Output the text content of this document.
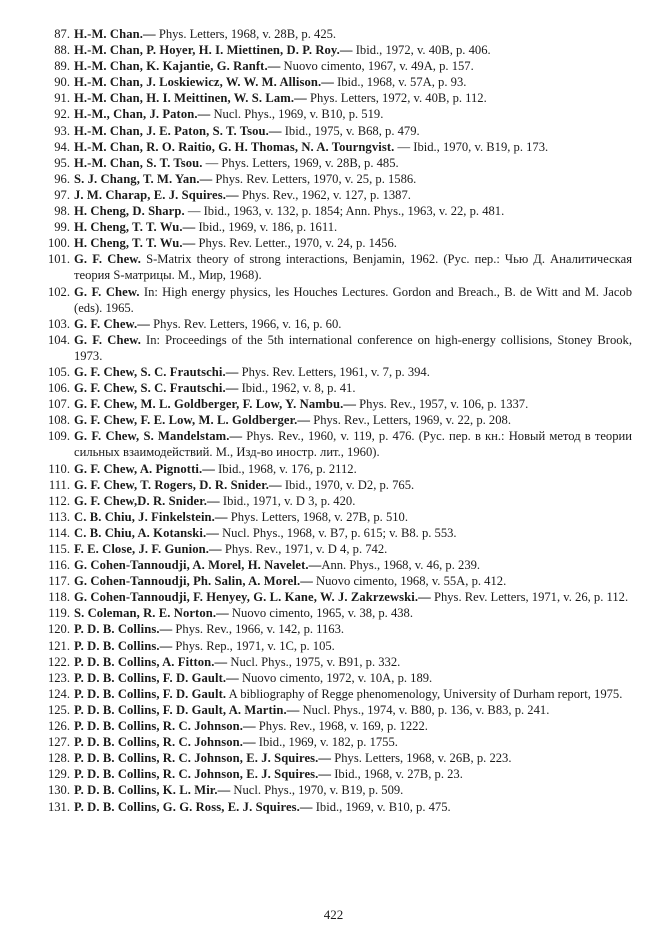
87. H.-M. Chan.— Phys. Letters, 1968, v. 28B, p. 425.
88. H.-M. Chan, P. Hoyer, H. I. Miettinen, D. P. Roy.— Ibid., 1972, v. 40B, p. 406.
89. H.-M. Chan, K. Kajantie, G. Ranft.— Nuovo cimento, 1967, v. 49A, p. 157.
90. H.-M. Chan, J. Loskiewicz, W. W. M. Allison.— Ibid., 1968, v. 57A, p. 93.
91. H.-M. Chan, H. I. Meittinen, W. S. Lam.— Phys. Letters, 1972, v. 40B, p. 112.
92. H.-M., Chan, J. Paton.— Nucl. Phys., 1969, v. B10, p. 519.
93. H.-M. Chan, J. E. Paton, S. T. Tsou.— Ibid., 1975, v. B68, p. 479.
94. H.-M. Chan, R. O. Raitio, G. H. Thomas, N. A. Tourngvist. — Ibid., 1970, v. B19, p. 173.
95. H.-M. Chan, S. T. Tsou. — Phys. Letters, 1969, v. 28B, p. 485.
96. S. J. Chang, T. M. Yan.— Phys. Rev. Letters, 1970, v. 25, p. 1586.
97. J. M. Charap, E. J. Squires.— Phys. Rev., 1962, v. 127, p. 1387.
98. H. Cheng, D. Sharp. — Ibid., 1963, v. 132, p. 1854; Ann. Phys., 1963, v. 22, p. 481.
99. H. Cheng, T. T. Wu.— Ibid., 1969, v. 186, p. 1611.
100. H. Cheng, T. T. Wu.— Phys. Rev. Letter., 1970, v. 24, p. 1456.
101. G. F. Chew. S-Matrix theory of strong interactions, Benjamin, 1962. (Рус. пер.: Чью Д. Аналитическая теория S-матрицы. М., Мир, 1968).
102. G. F. Chew. In: High energy physics, les Houches Lectures. Gordon and Breach., B. de Witt and M. Jacob (eds). 1965.
103. G. F. Chew.— Phys. Rev. Letters, 1966, v. 16, p. 60.
104. G. F. Chew. In: Proceedings of the 5th international conference on high-energy collisions, Stoney Brook, 1973.
105. G. F. Chew, S. C. Frautschi.— Phys. Rev. Letters, 1961, v. 7, p. 394.
106. G. F. Chew, S. C. Frautschi.— Ibid., 1962, v. 8, p. 41.
107. G. F. Chew, M. L. Goldberger, F. Low, Y. Nambu.— Phys. Rev., 1957, v. 106, p. 1337.
108. G. F. Chew, F. E. Low, M. L. Goldberger.— Phys. Rev., Letters, 1969, v. 22, p. 208.
109. G. F. Chew, S. Mandelstam.— Phys. Rev., 1960, v. 119, p. 476. (Рус. пер. в кн.: Новый метод в теории сильных взаимодействий. М., Изд-во иностр. лит., 1960).
110. G. F. Chew, A. Pignotti.— Ibid., 1968, v. 176, p. 2112.
111. G. F. Chew, T. Rogers, D. R. Snider.— Ibid., 1970, v. D2, p. 765.
112. G. F. Chew,D. R. Snider.— Ibid., 1971, v. D 3, p. 420.
113. C. B. Chiu, J. Finkelstein.— Phys. Letters, 1968, v. 27B, p. 510.
114. C. B. Chiu, A. Kotanski.— Nucl. Phys., 1968, v. B7, p. 615; v. B8. p. 553.
115. F. E. Close, J. F. Gunion.— Phys. Rev., 1971, v. D 4, p. 742.
116. G. Cohen-Tannoudji, A. Morel, H. Navelet.—Ann. Phys., 1968, v. 46, p. 239.
117. G. Cohen-Tannoudji, Ph. Salin, A. Morel.— Nuovo cimento, 1968, v. 55A, p. 412.
118. G. Cohen-Tannoudji, F. Henyey, G. L. Kane, W. J. Zakrzewski.— Phys. Rev. Letters, 1971, v. 26, p. 112.
119. S. Coleman, R. E. Norton.— Nuovo cimento, 1965, v. 38, p. 438.
120. P. D. B. Collins.— Phys. Rev., 1966, v. 142, p. 1163.
121. P. D. B. Collins.— Phys. Rep., 1971, v. 1C, p. 105.
122. P. D. B. Collins, A. Fitton.— Nucl. Phys., 1975, v. B91, p. 332.
123. P. D. B. Collins, F. D. Gault.— Nuovo cimento, 1972, v. 10A, p. 189.
124. P. D. B. Collins, F. D. Gault. A bibliography of Regge phenomenology, University of Durham report, 1975.
125. P. D. B. Collins, F. D. Gault, A. Martin.— Nucl. Phys., 1974, v. B80, p. 136, v. B83, p. 241.
126. P. D. B. Collins, R. C. Johnson.— Phys. Rev., 1968, v. 169, p. 1222.
127. P. D. B. Collins, R. C. Johnson.— Ibid., 1969, v. 182, p. 1755.
128. P. D. B. Collins, R. C. Johnson, E. J. Squires.— Phys. Letters, 1968, v. 26B, p. 223.
129. P. D. B. Collins, R. C. Johnson, E. J. Squires.— Ibid., 1968, v. 27B, p. 23.
130. P. D. B. Collins, K. L. Mir.— Nucl. Phys., 1970, v. B19, p. 509.
131. P. D. B. Collins, G. G. Ross, E. J. Squires.— Ibid., 1969, v. B10, p. 475.
422
